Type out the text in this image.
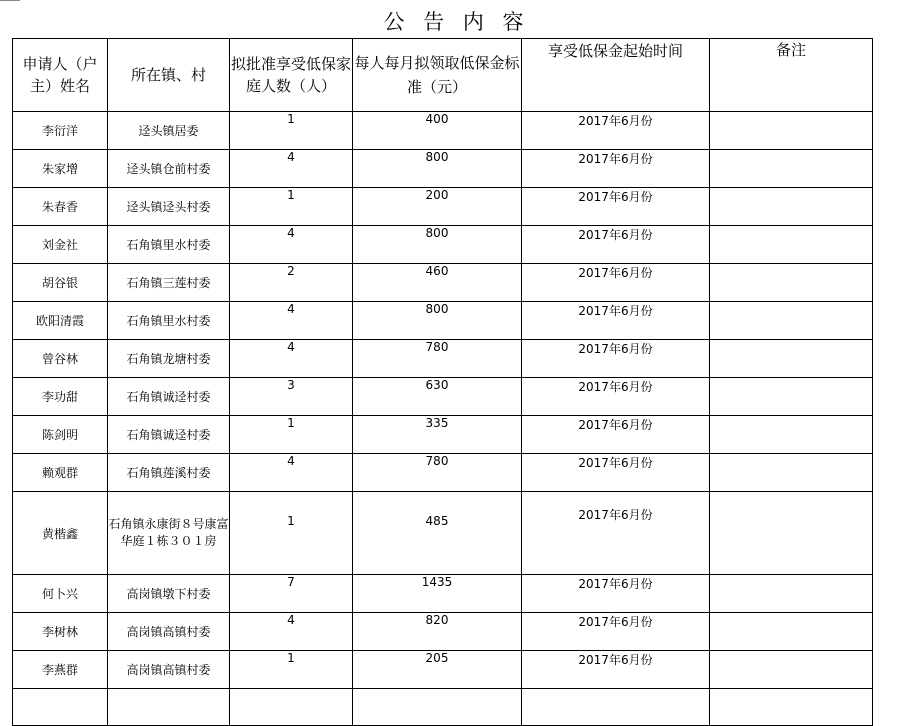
公 告 内 容
申请人（户主）姓名	所在镇、村	拟批准享受低保家庭人数（人）	每人每月拟领取低保金标准（元）	享受低保金起始时间	备注
李衍洋	迳头镇居委	1	400	2017年6月份	
朱家增	迳头镇仓前村委	4	800	2017年6月份	
朱春香	迳头镇迳头村委	1	200	2017年6月份	
刘金社	石角镇里水村委	4	800	2017年6月份	
胡谷银	石角镇三莲村委	2	460	2017年6月份	
欧阳清霞	石角镇里水村委	4	800	2017年6月份	
曾谷林	石角镇龙塘村委	4	780	2017年6月份	
李功甜	石角镇诚迳村委	3	630	2017年6月份	
陈剑明	石角镇诚迳村委	1	335	2017年6月份	
赖观群	石角镇莲溪村委	4	780	2017年6月份	
黄楷鑫	石角镇永康街８号康富华庭１栋３０１房	1	485	2017年6月份	
何卜兴	高岗镇墩下村委	7	1435	2017年6月份	
李树林	高岗镇高镇村委	4	820	2017年6月份	
李燕群	高岗镇高镇村委	1	205	2017年6月份	
